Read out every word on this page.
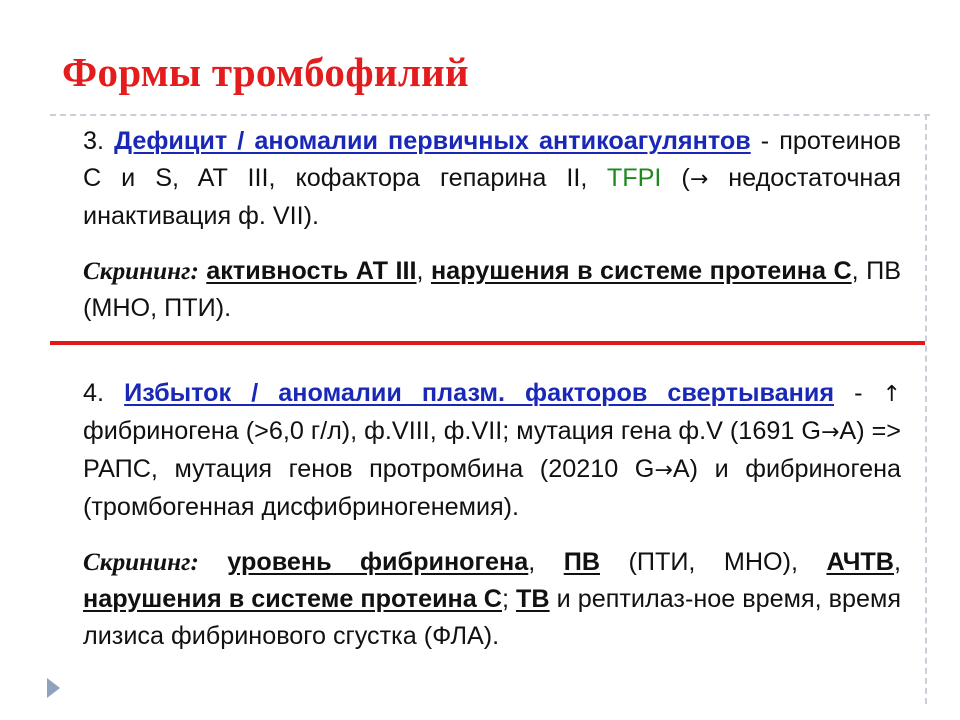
Формы тромбофилий
3. Дефицит / аномалии первичных антикоагулянтов - протеинов С и S, AT III, кофактора гепарина II, TFPI (→ недостаточная инактивация ф. VII).
Скрининг: активность АТ III, нарушения в системе протеина С, ПВ (МНО, ПТИ).
4. Избыток / аномалии плазм. факторов свертывания - ↑ фибриногена (>6,0 г/л), ф.VIII, ф.VII; мутация гена ф.V (1691 G→A) => РАПС, мутация генов протромбина (20210 G→A) и фибриногена (тромбогенная дисфибриногенемия).
Скрининг: уровень фибриногена, ПВ (ПТИ, МНО), АЧТВ, нарушения в системе протеина С; ТВ и рептилаз-ное время, время лизиса фибринового сгустка (ФЛА).
